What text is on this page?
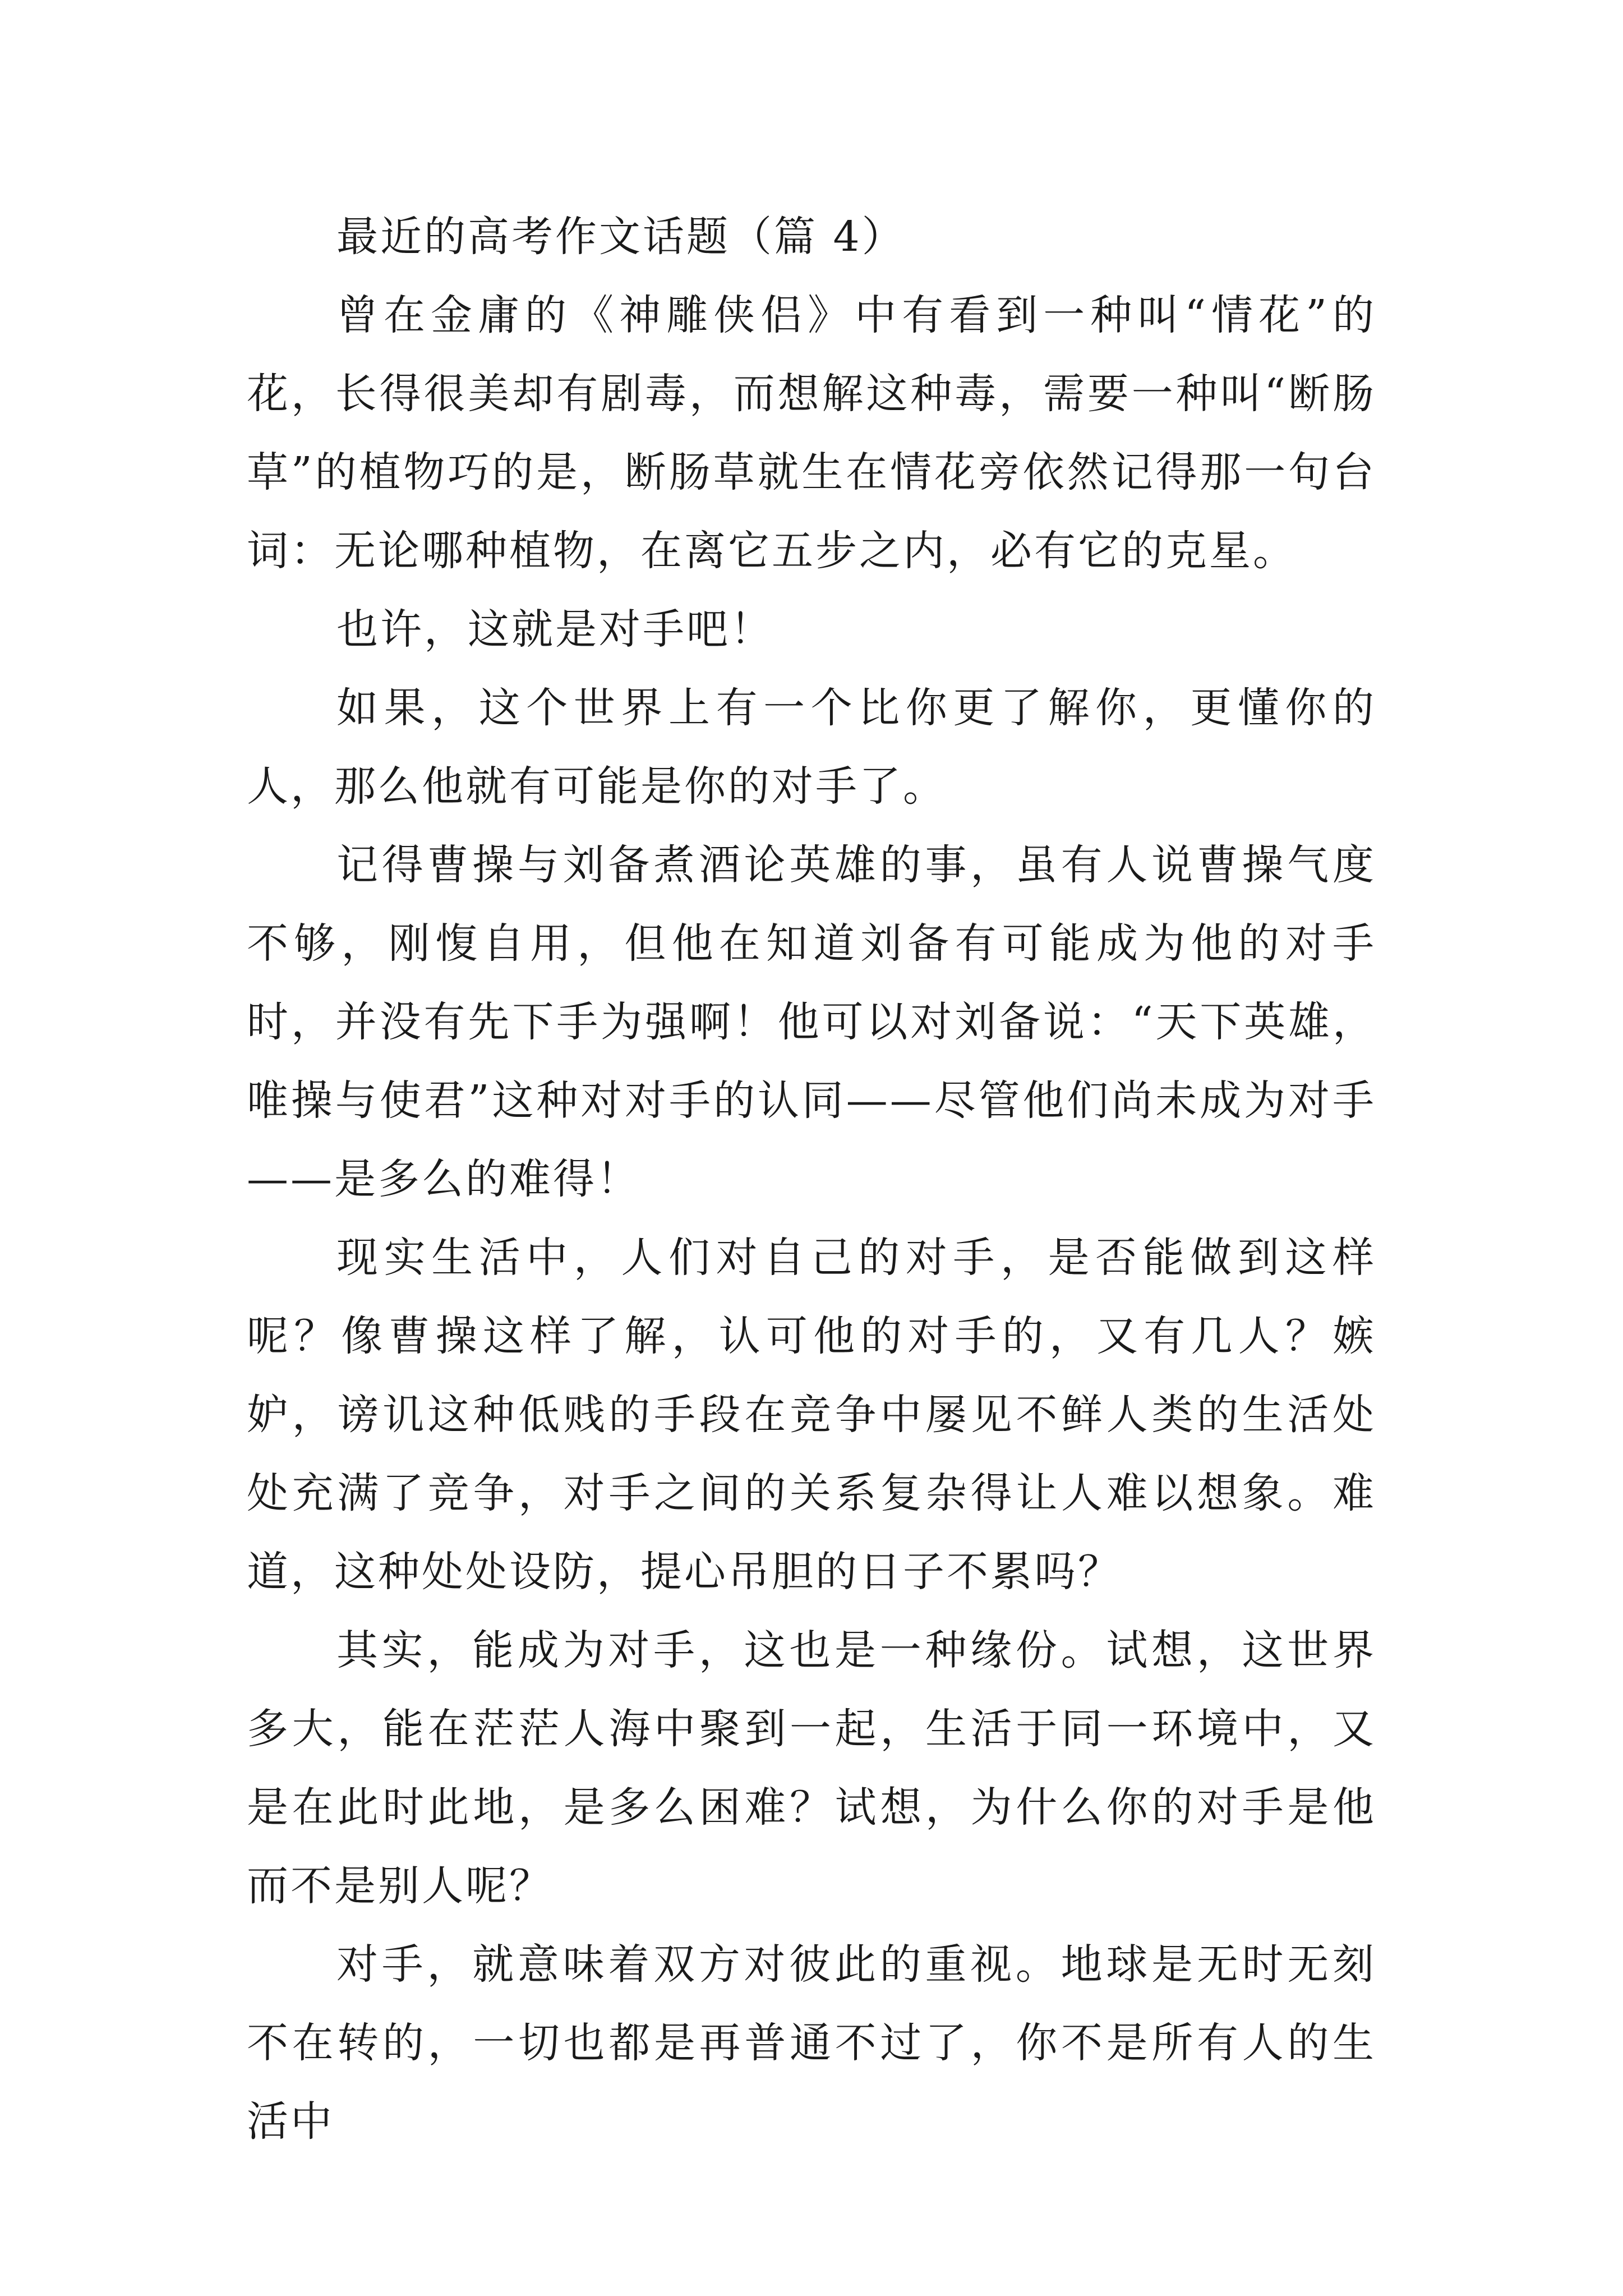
最近的高考作文话题（篇 4）

曾在金庸的《神雕侠侣》中有看到一种叫“情花”的花，长得很美却有剧毒，而想解这种毒，需要一种叫“断肠草”的植物巧的是，断肠草就生在情花旁依然记得那一句台词：无论哪种植物，在离它五步之内，必有它的克星。

也许，这就是对手吧！

如果，这个世界上有一个比你更了解你，更懂你的人，那么他就有可能是你的对手了。

记得曹操与刘备煮酒论英雄的事，虽有人说曹操气度不够，刚愎自用，但他在知道刘备有可能成为他的对手时，并没有先下手为强啊！他可以对刘备说：“天下英雄，唯操与使君”这种对对手的认同——尽管他们尚未成为对手——是多么的难得！

现实生活中，人们对自己的对手，是否能做到这样呢？像曹操这样了解，认可他的对手的，又有几人？嫉妒，谤讥这种低贱的手段在竞争中屡见不鲜人类的生活处处充满了竞争，对手之间的关系复杂得让人难以想象。难道，这种处处设防，提心吊胆的日子不累吗？

其实，能成为对手，这也是一种缘份。试想，这世界多大，能在茫茫人海中聚到一起，生活于同一环境中，又是在此时此地，是多么困难？试想，为什么你的对手是他而不是别人呢？

对手，就意味着双方对彼此的重视。地球是无时无刻不在转的，一切也都是再普通不过了，你不是所有人的生活中
